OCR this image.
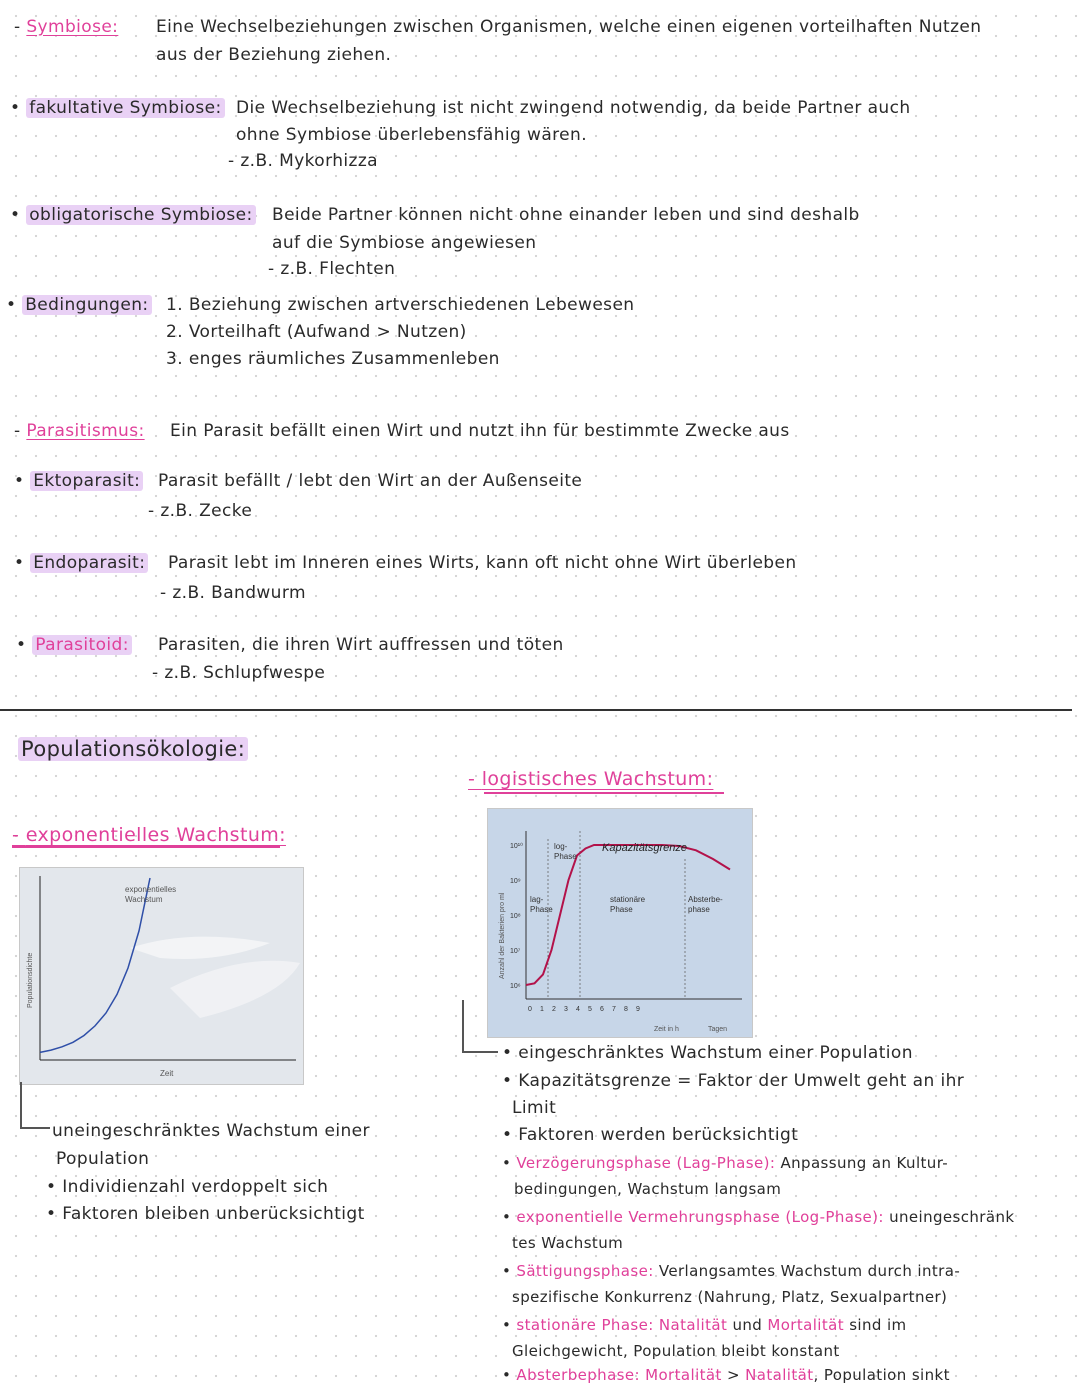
- Symbiose: Eine Wechselbeziehungen zwischen Organismen, welche einen eigenen vorteilhaften Nutzen
aus der Beziehung ziehen.
• fakultative Symbiose: Die Wechselbeziehung ist nicht zwingend notwendig, da beide Partner auch
ohne Symbiose überlebensfähig wären.
- z.B. Mykorhizza
• obligatorische Symbiose: Beide Partner können nicht ohne einander leben und sind deshalb
auf die Symbiose angewiesen
- z.B. Flechten
• Bedingungen: 1. Beziehung zwischen artverschiedenen Lebewesen
2. Vorteilhaft (Aufwand > Nutzen)
3. enges räumliches Zusammenleben
- Parasitismus: Ein Parasit befällt einen Wirt und nutzt ihn für bestimmte Zwecke aus
• Ektoparasit: Parasit befällt / lebt den Wirt an der Außenseite
- z.B. Zecke
• Endoparasit: Parasit lebt im Inneren eines Wirts, kann oft nicht ohne Wirt überleben
- z.B. Bandwurm
• Parasitoid: Parasiten, die ihren Wirt auffressen und töten
- z.B. Schlupfwespe
Populationsökologie:
- exponentielles Wachstum:
- logistisches Wachstum:
exponentielles
Wachstum
Zeit
Populationsdichte	10⁶
10⁷
10⁸
10⁹
10¹⁰
0 1 2 3 4 5 6 7 8 9
Kapazitätsgrenze
log-
Phase
lag-
Phase
stationäre
Phase
Absterbe-
phase
Zeit in h	Tagen
Anzahl der Bakterien pro ml
uneingeschränktes Wachstum einer
Population
• Individienzahl verdoppelt sich
• Faktoren bleiben unberücksichtigt
• eingeschränktes Wachstum einer Population
• Kapazitätsgrenze = Faktor der Umwelt geht an ihr
Limit
• Faktoren werden berücksichtigt
• Verzögerungsphase (Lag-Phase): Anpassung an Kultur-
bedingungen, Wachstum langsam
• exponentielle Vermehrungsphase (Log-Phase): uneingeschränk
tes Wachstum
• Sättigungsphase: Verlangsamtes Wachstum durch intra-
spezifische Konkurrenz (Nahrung, Platz, Sexualpartner)
• stationäre Phase: Natalität und Mortalität sind im
Gleichgewicht, Population bleibt konstant
• Absterbephase: Mortalität > Natalität, Population sinkt
